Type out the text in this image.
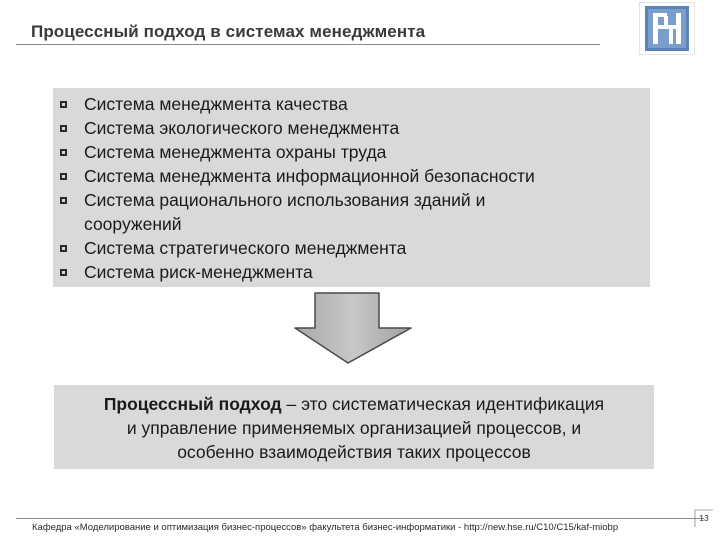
Процессный подход в системах менеджмента
Система менеджмента качества
Система экологического менеджмента
Система менеджмента охраны труда
Система менеджмента информационной безопасности
Система рационального использования зданий и сооружений
Система стратегического менеджмента
Система риск-менеджмента
Процессный подход – это систематическая идентификация
и управление применяемых организацией процессов, и
особенно взаимодействия таких процессов
Кафедра «Моделирование и оптимизация бизнес-процессов» факультета бизнес-информатики - http://new.hse.ru/C10/C15/kaf-miobp
13
